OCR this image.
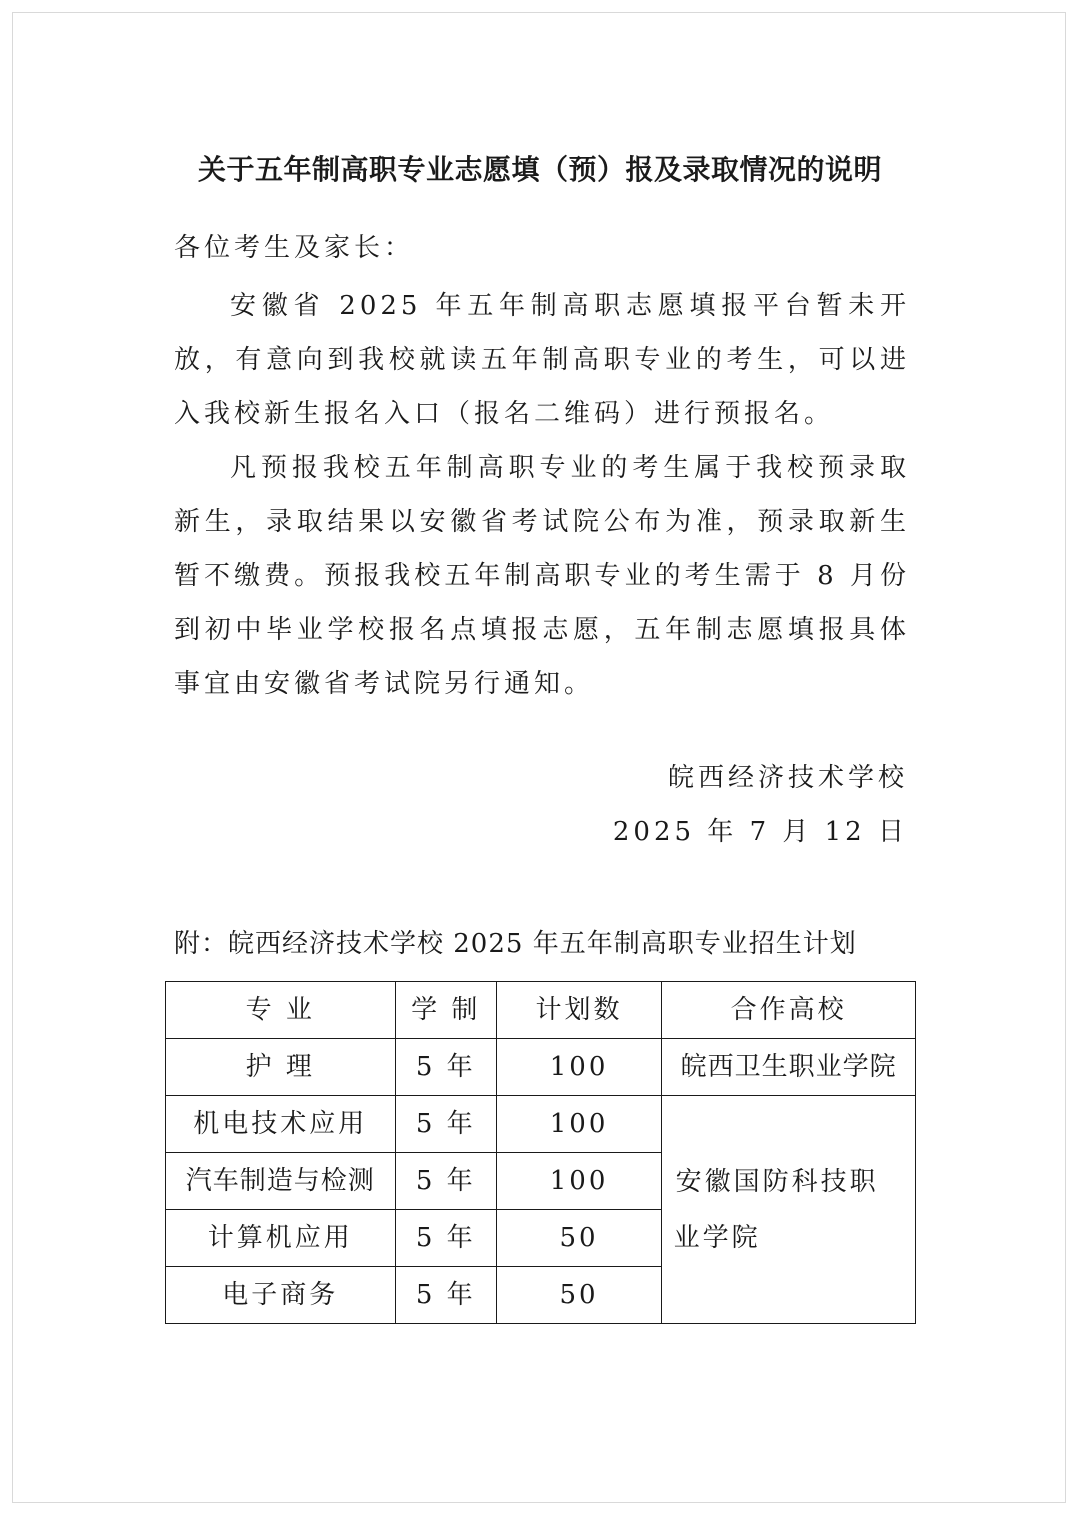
关于五年制高职专业志愿填（预）报及录取情况的说明
各位考生及家长：
安徽省 2025 年五年制高职志愿填报平台暂未开放，有意向到我校就读五年制高职专业的考生，可以进入我校新生报名入口（报名二维码）进行预报名。
凡预报我校五年制高职专业的考生属于我校预录取新生，录取结果以安徽省考试院公布为准，预录取新生暂不缴费。预报我校五年制高职专业的考生需于 8 月份到初中毕业学校报名点填报志愿，五年制志愿填报具体事宜由安徽省考试院另行通知。
皖西经济技术学校
2025 年 7 月 12 日
附：皖西经济技术学校 2025 年五年制高职专业招生计划
专 业	学 制	计划数	合作高校
护 理	5 年	100	皖西卫生职业学院
机电技术应用	5 年	100	安徽国防科技职业学院

汽车制造与检测	5 年	100	
计算机应用	5 年	50	
电子商务	5 年	50	
